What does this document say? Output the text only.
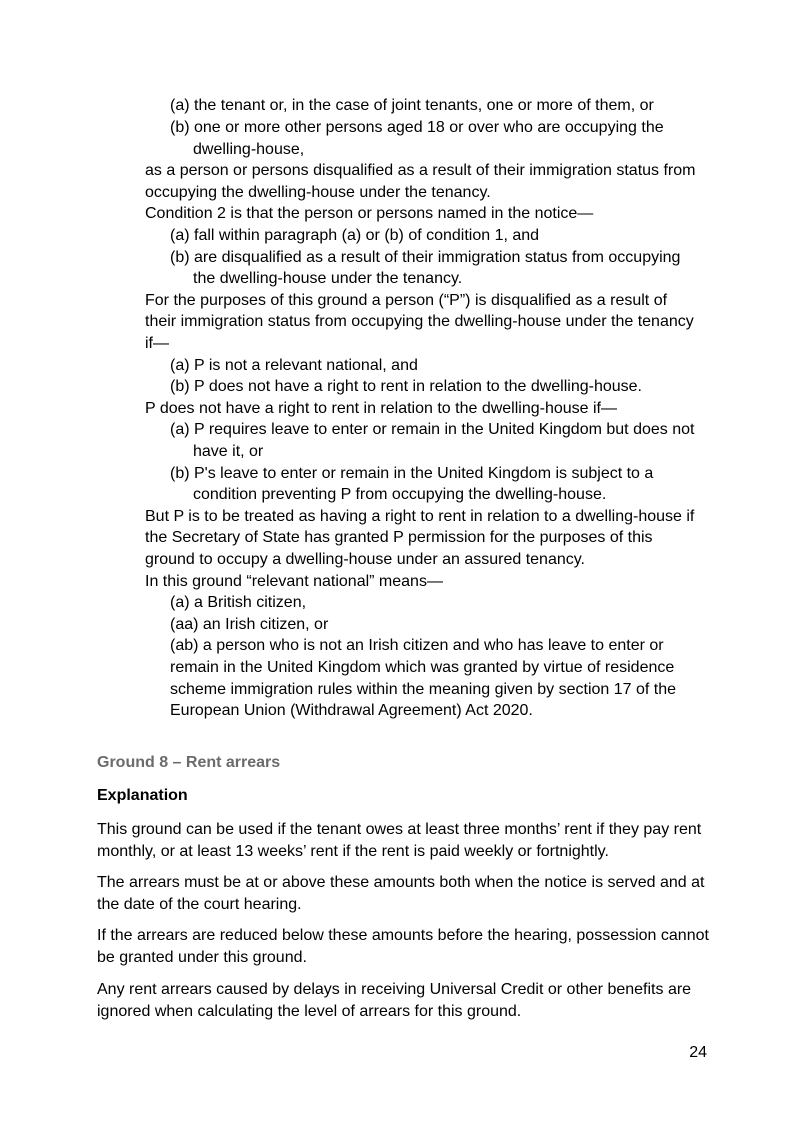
(a) the tenant or, in the case of joint tenants, one or more of them, or
(b) one or more other persons aged 18 or over who are occupying the
dwelling-house,
as a person or persons disqualified as a result of their immigration status from
occupying the dwelling-house under the tenancy.
Condition 2 is that the person or persons named in the notice—
(a) fall within paragraph (a) or (b) of condition 1, and
(b) are disqualified as a result of their immigration status from occupying
the dwelling-house under the tenancy.
For the purposes of this ground a person (“P”) is disqualified as a result of
their immigration status from occupying the dwelling-house under the tenancy
if—
(a) P is not a relevant national, and
(b) P does not have a right to rent in relation to the dwelling-house.
P does not have a right to rent in relation to the dwelling-house if—
(a) P requires leave to enter or remain in the United Kingdom but does not
have it, or
(b) P's leave to enter or remain in the United Kingdom is subject to a
condition preventing P from occupying the dwelling-house.
But P is to be treated as having a right to rent in relation to a dwelling-house if
the Secretary of State has granted P permission for the purposes of this
ground to occupy a dwelling-house under an assured tenancy.
In this ground “relevant national” means—
(a) a British citizen,
(aa) an Irish citizen, or
(ab) a person who is not an Irish citizen and who has leave to enter or
remain in the United Kingdom which was granted by virtue of residence
scheme immigration rules within the meaning given by section 17 of the
European Union (Withdrawal Agreement) Act 2020.
Ground 8 – Rent arrears
Explanation
This ground can be used if the tenant owes at least three months’ rent if they pay rent monthly, or at least 13 weeks’ rent if the rent is paid weekly or fortnightly.
The arrears must be at or above these amounts both when the notice is served and at the date of the court hearing.
If the arrears are reduced below these amounts before the hearing, possession cannot be granted under this ground.
Any rent arrears caused by delays in receiving Universal Credit or other benefits are ignored when calculating the level of arrears for this ground.
24
